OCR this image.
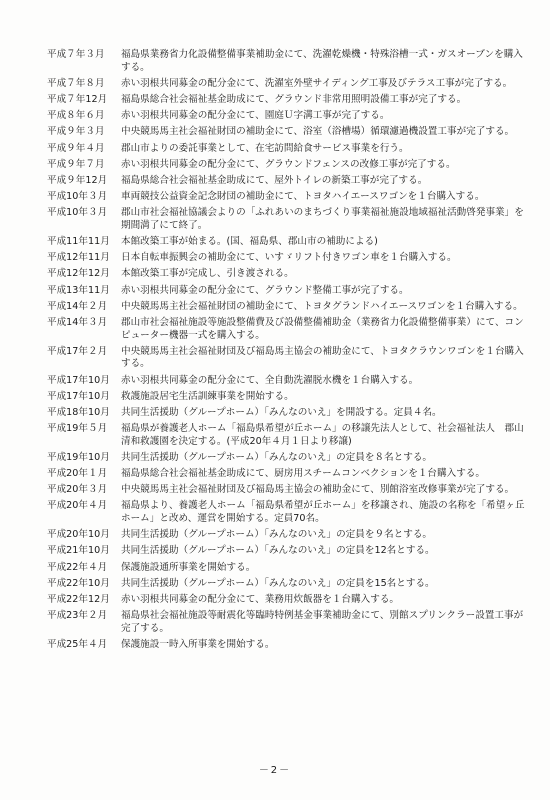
平成７年３月	福島県業務省力化設備整備事業補助金にて、洗濯乾燥機・特殊浴槽一式・ガスオーブンを購入する。
平成７年８月	赤い羽根共同募金の配分金にて、洗濯室外壁サイディング工事及びテラス工事が完了する。
平成７年12月	福島県総合社会福祉基金助成にて、グラウンド非常用照明設備工事が完了する。
平成８年６月	赤い羽根共同募金の配分金にて、園庭Ｕ字溝工事が完了する。
平成９年３月	中央競馬馬主社会福祉財団の補助金にて、浴室（浴槽場）循環濾過機設置工事が完了する。
平成９年４月	郡山市よりの委託事業として、在宅訪問給食サービス事業を行う。
平成９年７月	赤い羽根共同募金の配分金にて、グラウンドフェンスの改修工事が完了する。
平成９年12月	福島県総合社会福祉基金助成にて、屋外トイレの新築工事が完了する。
平成10年３月	車両競技公益資金記念財団の補助金にて、トヨタハイエースワゴンを１台購入する。
平成10年３月	郡山市社会福祉協議会よりの「ふれあいのまちづくり事業福祉施設地域福祉活動啓発事業」を期間満了にて終了。
平成11年11月	本館改築工事が始まる。(国、福島県、郡山市の補助による)
平成12年11月	日本自転車振興会の補助金にて、いすゞリフト付きワゴン車を１台購入する。
平成12年12月	本館改築工事が完成し、引き渡される。
平成13年11月	赤い羽根共同募金の配分金にて、グラウンド整備工事が完了する。
平成14年２月	中央競馬馬主社会福祉財団の補助金にて、トヨタグランドハイエースワゴンを１台購入する。
平成14年３月	郡山市社会福祉施設等施設整備費及び設備整備補助金（業務省力化設備整備事業）にて、コンピューター機器一式を購入する。
平成17年２月	中央競馬馬主社会福祉財団及び福島馬主協会の補助金にて、トヨタクラウンワゴンを１台購入する。
平成17年10月	赤い羽根共同募金の配分金にて、全自動洗濯脱水機を１台購入する。
平成17年10月	救護施設居宅生活訓練事業を開始する。
平成18年10月	共同生活援助（グループホーム）「みんなのいえ」を開設する。定員４名。
平成19年５月	福島県が養護老人ホーム「福島県希望が丘ホーム」の移譲先法人として、社会福祉法人　郡山清和救護園を決定する。(平成20年４月１日より移譲)
平成19年10月	共同生活援助（グループホーム）「みんなのいえ」の定員を８名とする。
平成20年１月	福島県総合社会福祉基金助成にて、厨房用スチームコンベクションを１台購入する。
平成20年３月	中央競馬馬主社会福祉財団及び福島馬主協会の補助金にて、別館浴室改修事業が完了する。
平成20年４月	福島県より、養護老人ホーム「福島県希望が丘ホーム」を移譲され、施設の名称を「希望ヶ丘ホーム」と改め、運営を開始する。定員70名。
平成20年10月	共同生活援助（グループホーム）「みんなのいえ」の定員を９名とする。
平成21年10月	共同生活援助（グループホーム）「みんなのいえ」の定員を12名とする。
平成22年４月	保護施設通所事業を開始する。
平成22年10月	共同生活援助（グループホーム）「みんなのいえ」の定員を15名とする。
平成22年12月	赤い羽根共同募金の配分金にて、業務用炊飯器を１台購入する。
平成23年２月	福島県社会福祉施設等耐震化等臨時特例基金事業補助金にて、別館スプリンクラー設置工事が完了する。
平成25年４月	保護施設一時入所事業を開始する。
－2－
